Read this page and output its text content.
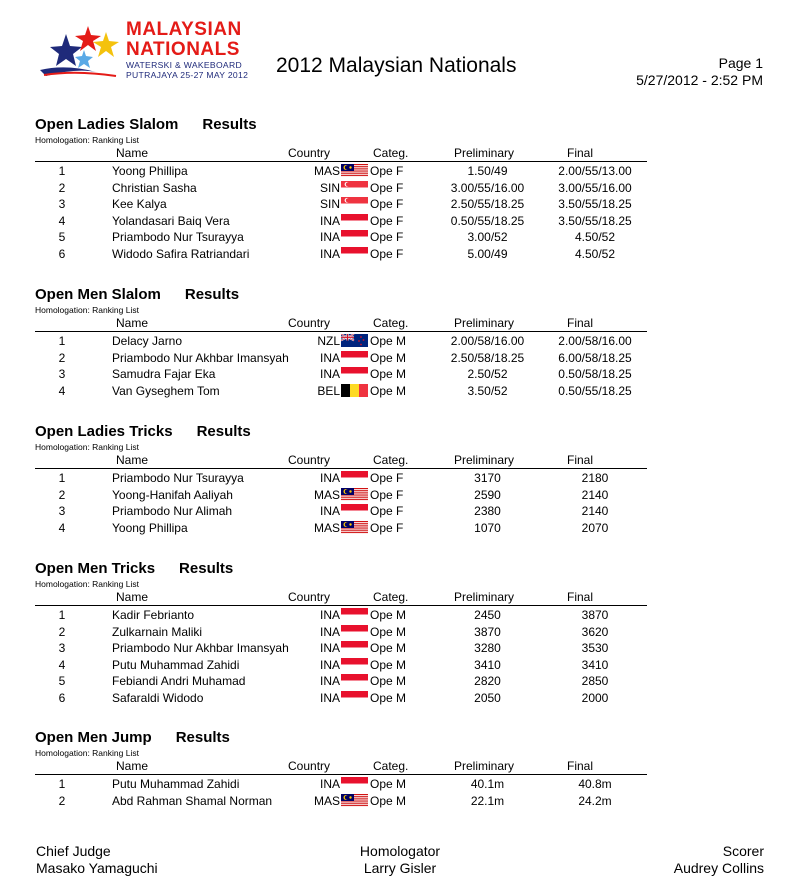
MALAYSIAN
NATIONALS
WATERSKI & WAKEBOARD
PUTRAJAYA 25-27 MAY 2012 2012 Malaysian Nationals	Page 1
5/27/2012 - 2:52 PM
Open Ladies Slalom Results
Homologation: Ranking List
Name	Country	Categ.	Preliminary	Final
1	Yoong Phillipa	MAS	Ope F	1.50/49	2.00/55/13.00
2	Christian Sasha	SIN	Ope F	3.00/55/16.00	3.00/55/16.00
3	Kee Kalya	SIN	Ope F	2.50/55/18.25	3.50/55/18.25
4	Yolandasari Baiq Vera	INA	Ope F	0.50/55/18.25	3.50/55/18.25
5	Priambodo Nur Tsurayya	INA	Ope F	3.00/52	4.50/52
6	Widodo Safira Ratriandari	INA	Ope F	5.00/49	4.50/52
Open Men Slalom Results
Homologation: Ranking List
Name	Country	Categ.	Preliminary	Final
1	Delacy Jarno	NZL	Ope M	2.00/58/16.00	2.00/58/16.00
2	Priambodo Nur Akhbar Imansyah	INA	Ope M	2.50/58/18.25	6.00/58/18.25
3	Samudra Fajar Eka	INA	Ope M	2.50/52	0.50/58/18.25
4	Van Gyseghem Tom	BEL	Ope M	3.50/52	0.50/55/18.25
Open Ladies Tricks Results
Homologation: Ranking List
Name	Country	Categ.	Preliminary	Final
1	Priambodo Nur Tsurayya	INA	Ope F	3170	2180
2	Yoong-Hanifah Aaliyah	MAS	Ope F	2590	2140
3	Priambodo Nur Alimah	INA	Ope F	2380	2140
4	Yoong Phillipa	MAS	Ope F	1070	2070
Open Men Tricks Results
Homologation: Ranking List
Name	Country	Categ.	Preliminary	Final
1	Kadir Febrianto	INA	Ope M	2450	3870
2	Zulkarnain Maliki	INA	Ope M	3870	3620
3	Priambodo Nur Akhbar Imansyah	INA	Ope M	3280	3530
4	Putu Muhammad Zahidi	INA	Ope M	3410	3410
5	Febiandi Andri Muhamad	INA	Ope M	2820	2850
6	Safaraldi Widodo	INA	Ope M	2050	2000
Open Men Jump Results
Homologation: Ranking List
Name	Country	Categ.	Preliminary	Final
1	Putu Muhammad Zahidi	INA	Ope M	40.1m	40.8m
2	Abd Rahman Shamal Norman	MAS	Ope M	22.1m	24.2m
Chief Judge
Masako Yamaguchi
Homologator
Larry Gisler
Scorer
Audrey Collins
